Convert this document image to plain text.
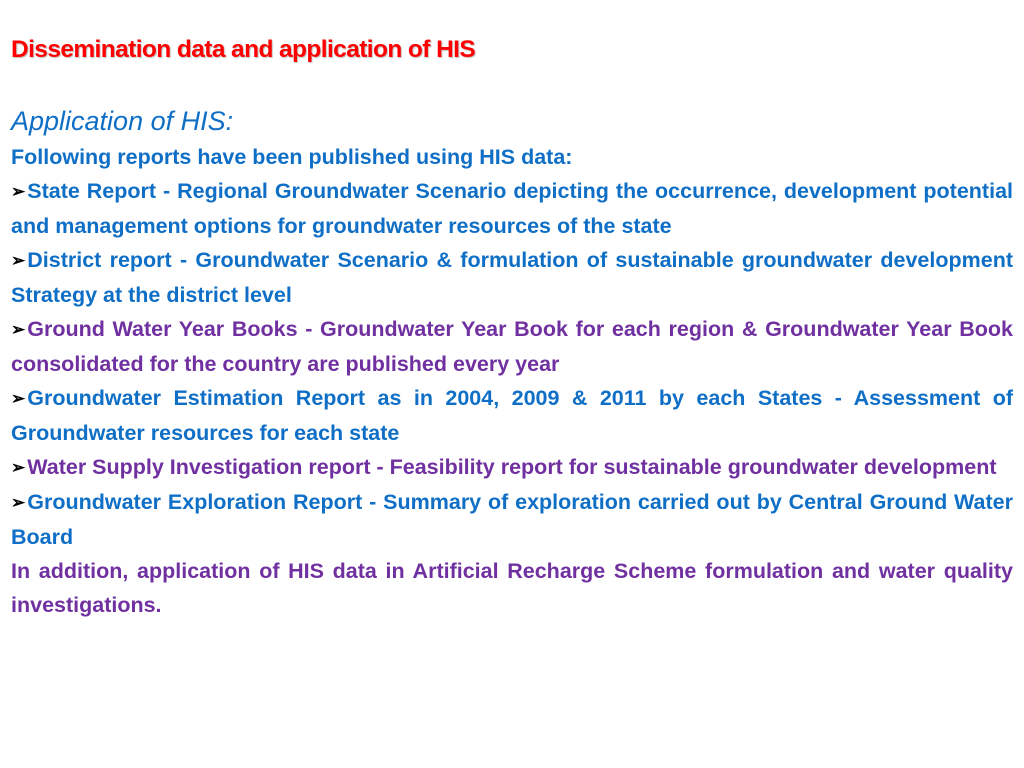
Dissemination data and application of HIS

Application of HIS:

Following reports have been published using HIS data:

➢State Report - Regional Groundwater Scenario depicting the occurrence, development potential and management options for groundwater resources of the state

➢District report - Groundwater Scenario & formulation of sustainable groundwater development Strategy at the district level

➢Ground Water Year Books - Groundwater Year Book for each region & Groundwater Year Book consolidated for the country are published every year

➢Groundwater Estimation Report as in 2004, 2009 & 2011 by each States - Assessment of Groundwater resources for each state

➢Water Supply Investigation report - Feasibility report for sustainable groundwater development

➢Groundwater Exploration Report - Summary of exploration carried out by Central Ground Water Board

In addition, application of HIS data in Artificial Recharge Scheme formulation and water quality investigations.
